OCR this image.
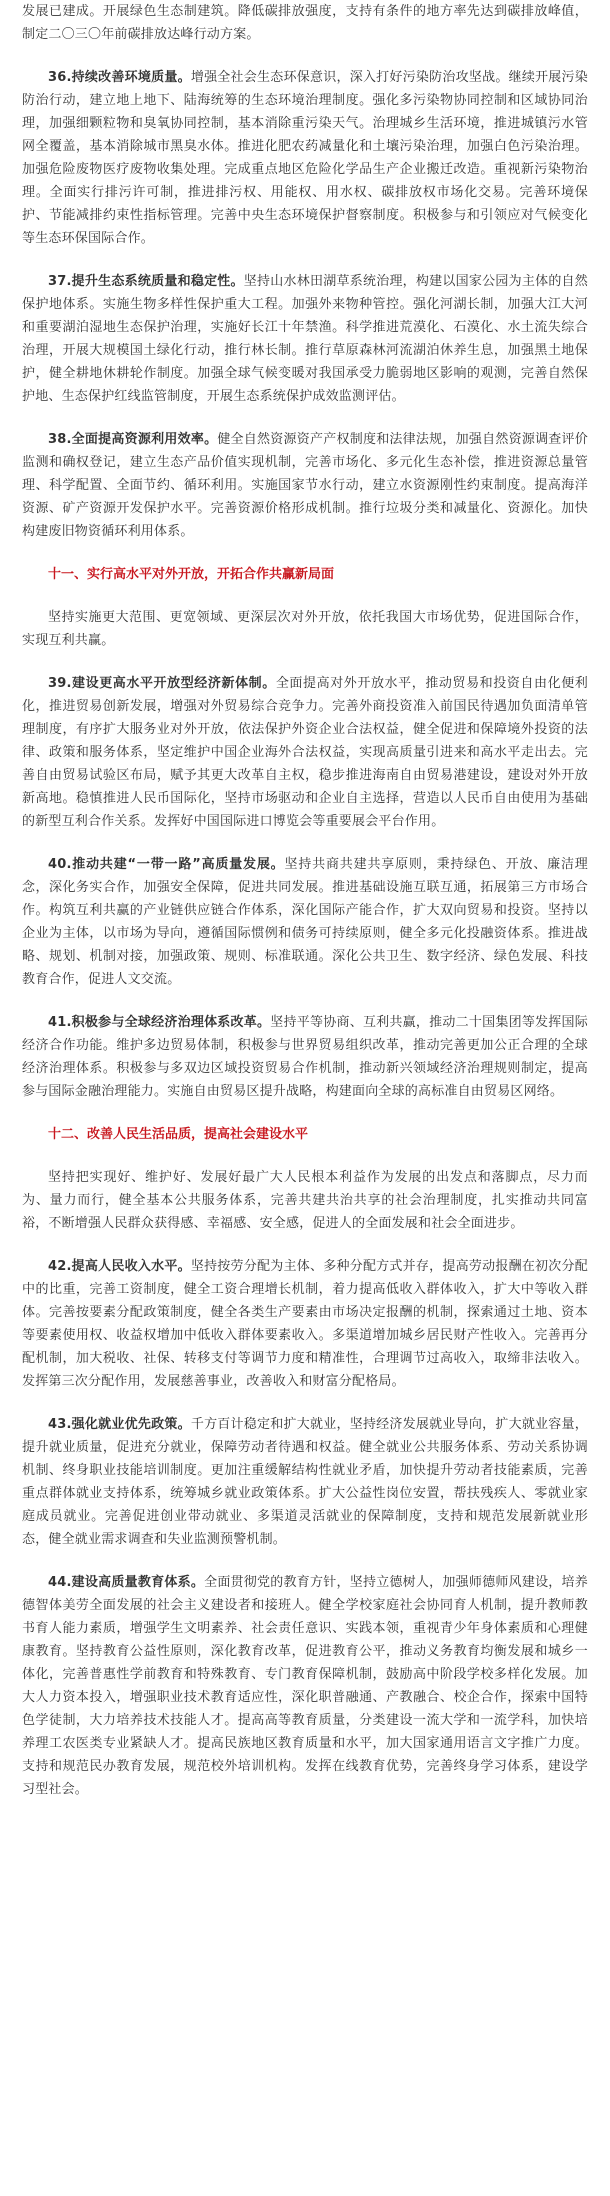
发展已建成。开展绿色生态制建筑。降低碳排放强度，支持有条件的地方率先达到碳排放峰值，制定二〇三〇年前碳排放达峰行动方案。

36.持续改善环境质量。增强全社会生态环保意识，深入打好污染防治攻坚战。继续开展污染防治行动，建立地上地下、陆海统筹的生态环境治理制度。强化多污染物协同控制和区域协同治理，加强细颗粒物和臭氧协同控制，基本消除重污染天气。治理城乡生活环境，推进城镇污水管网全覆盖，基本消除城市黑臭水体。推进化肥农药减量化和土壤污染治理，加强白色污染治理。加强危险废物医疗废物收集处理。完成重点地区危险化学品生产企业搬迁改造。重视新污染物治理。全面实行排污许可制，推进排污权、用能权、用水权、碳排放权市场化交易。完善环境保护、节能减排约束性指标管理。完善中央生态环境保护督察制度。积极参与和引领应对气候变化等生态环保国际合作。

37.提升生态系统质量和稳定性。坚持山水林田湖草系统治理，构建以国家公园为主体的自然保护地体系。实施生物多样性保护重大工程。加强外来物种管控。强化河湖长制，加强大江大河和重要湖泊湿地生态保护治理，实施好长江十年禁渔。科学推进荒漠化、石漠化、水土流失综合治理，开展大规模国土绿化行动，推行林长制。推行草原森林河流湖泊休养生息，加强黑土地保护，健全耕地休耕轮作制度。加强全球气候变暖对我国承受力脆弱地区影响的观测，完善自然保护地、生态保护红线监管制度，开展生态系统保护成效监测评估。

38.全面提高资源利用效率。健全自然资源资产产权制度和法律法规，加强自然资源调查评价监测和确权登记，建立生态产品价值实现机制，完善市场化、多元化生态补偿，推进资源总量管理、科学配置、全面节约、循环利用。实施国家节水行动，建立水资源刚性约束制度。提高海洋资源、矿产资源开发保护水平。完善资源价格形成机制。推行垃圾分类和减量化、资源化。加快构建废旧物资循环利用体系。

十一、实行高水平对外开放，开拓合作共赢新局面

坚持实施更大范围、更宽领域、更深层次对外开放，依托我国大市场优势，促进国际合作，实现互利共赢。

39.建设更高水平开放型经济新体制。全面提高对外开放水平，推动贸易和投资自由化便利化，推进贸易创新发展，增强对外贸易综合竞争力。完善外商投资准入前国民待遇加负面清单管理制度，有序扩大服务业对外开放，依法保护外资企业合法权益，健全促进和保障境外投资的法律、政策和服务体系，坚定维护中国企业海外合法权益，实现高质量引进来和高水平走出去。完善自由贸易试验区布局，赋予其更大改革自主权，稳步推进海南自由贸易港建设，建设对外开放新高地。稳慎推进人民币国际化，坚持市场驱动和企业自主选择，营造以人民币自由使用为基础的新型互利合作关系。发挥好中国国际进口博览会等重要展会平台作用。

40.推动共建“一带一路”高质量发展。坚持共商共建共享原则，秉持绿色、开放、廉洁理念，深化务实合作，加强安全保障，促进共同发展。推进基础设施互联互通，拓展第三方市场合作。构筑互利共赢的产业链供应链合作体系，深化国际产能合作，扩大双向贸易和投资。坚持以企业为主体，以市场为导向，遵循国际惯例和债务可持续原则，健全多元化投融资体系。推进战略、规划、机制对接，加强政策、规则、标准联通。深化公共卫生、数字经济、绿色发展、科技教育合作，促进人文交流。

41.积极参与全球经济治理体系改革。坚持平等协商、互利共赢，推动二十国集团等发挥国际经济合作功能。维护多边贸易体制，积极参与世界贸易组织改革，推动完善更加公正合理的全球经济治理体系。积极参与多双边区域投资贸易合作机制，推动新兴领域经济治理规则制定，提高参与国际金融治理能力。实施自由贸易区提升战略，构建面向全球的高标准自由贸易区网络。

十二、改善人民生活品质，提高社会建设水平

坚持把实现好、维护好、发展好最广大人民根本利益作为发展的出发点和落脚点，尽力而为、量力而行，健全基本公共服务体系，完善共建共治共享的社会治理制度，扎实推动共同富裕，不断增强人民群众获得感、幸福感、安全感，促进人的全面发展和社会全面进步。

42.提高人民收入水平。坚持按劳分配为主体、多种分配方式并存，提高劳动报酬在初次分配中的比重，完善工资制度，健全工资合理增长机制，着力提高低收入群体收入，扩大中等收入群体。完善按要素分配政策制度，健全各类生产要素由市场决定报酬的机制，探索通过土地、资本等要素使用权、收益权增加中低收入群体要素收入。多渠道增加城乡居民财产性收入。完善再分配机制，加大税收、社保、转移支付等调节力度和精准性，合理调节过高收入，取缔非法收入。发挥第三次分配作用，发展慈善事业，改善收入和财富分配格局。

43.强化就业优先政策。千方百计稳定和扩大就业，坚持经济发展就业导向，扩大就业容量，提升就业质量，促进充分就业，保障劳动者待遇和权益。健全就业公共服务体系、劳动关系协调机制、终身职业技能培训制度。更加注重缓解结构性就业矛盾，加快提升劳动者技能素质，完善重点群体就业支持体系，统筹城乡就业政策体系。扩大公益性岗位安置，帮扶残疾人、零就业家庭成员就业。完善促进创业带动就业、多渠道灵活就业的保障制度，支持和规范发展新就业形态，健全就业需求调查和失业监测预警机制。

44.建设高质量教育体系。全面贯彻党的教育方针，坚持立德树人，加强师德师风建设，培养德智体美劳全面发展的社会主义建设者和接班人。健全学校家庭社会协同育人机制，提升教师教书育人能力素质，增强学生文明素养、社会责任意识、实践本领，重视青少年身体素质和心理健康教育。坚持教育公益性原则，深化教育改革，促进教育公平，推动义务教育均衡发展和城乡一体化，完善普惠性学前教育和特殊教育、专门教育保障机制，鼓励高中阶段学校多样化发展。加大人力资本投入，增强职业技术教育适应性，深化职普融通、产教融合、校企合作，探索中国特色学徒制，大力培养技术技能人才。提高高等教育质量，分类建设一流大学和一流学科，加快培养理工农医类专业紧缺人才。提高民族地区教育质量和水平，加大国家通用语言文字推广力度。支持和规范民办教育发展，规范校外培训机构。发挥在线教育优势，完善终身学习体系，建设学习型社会。
